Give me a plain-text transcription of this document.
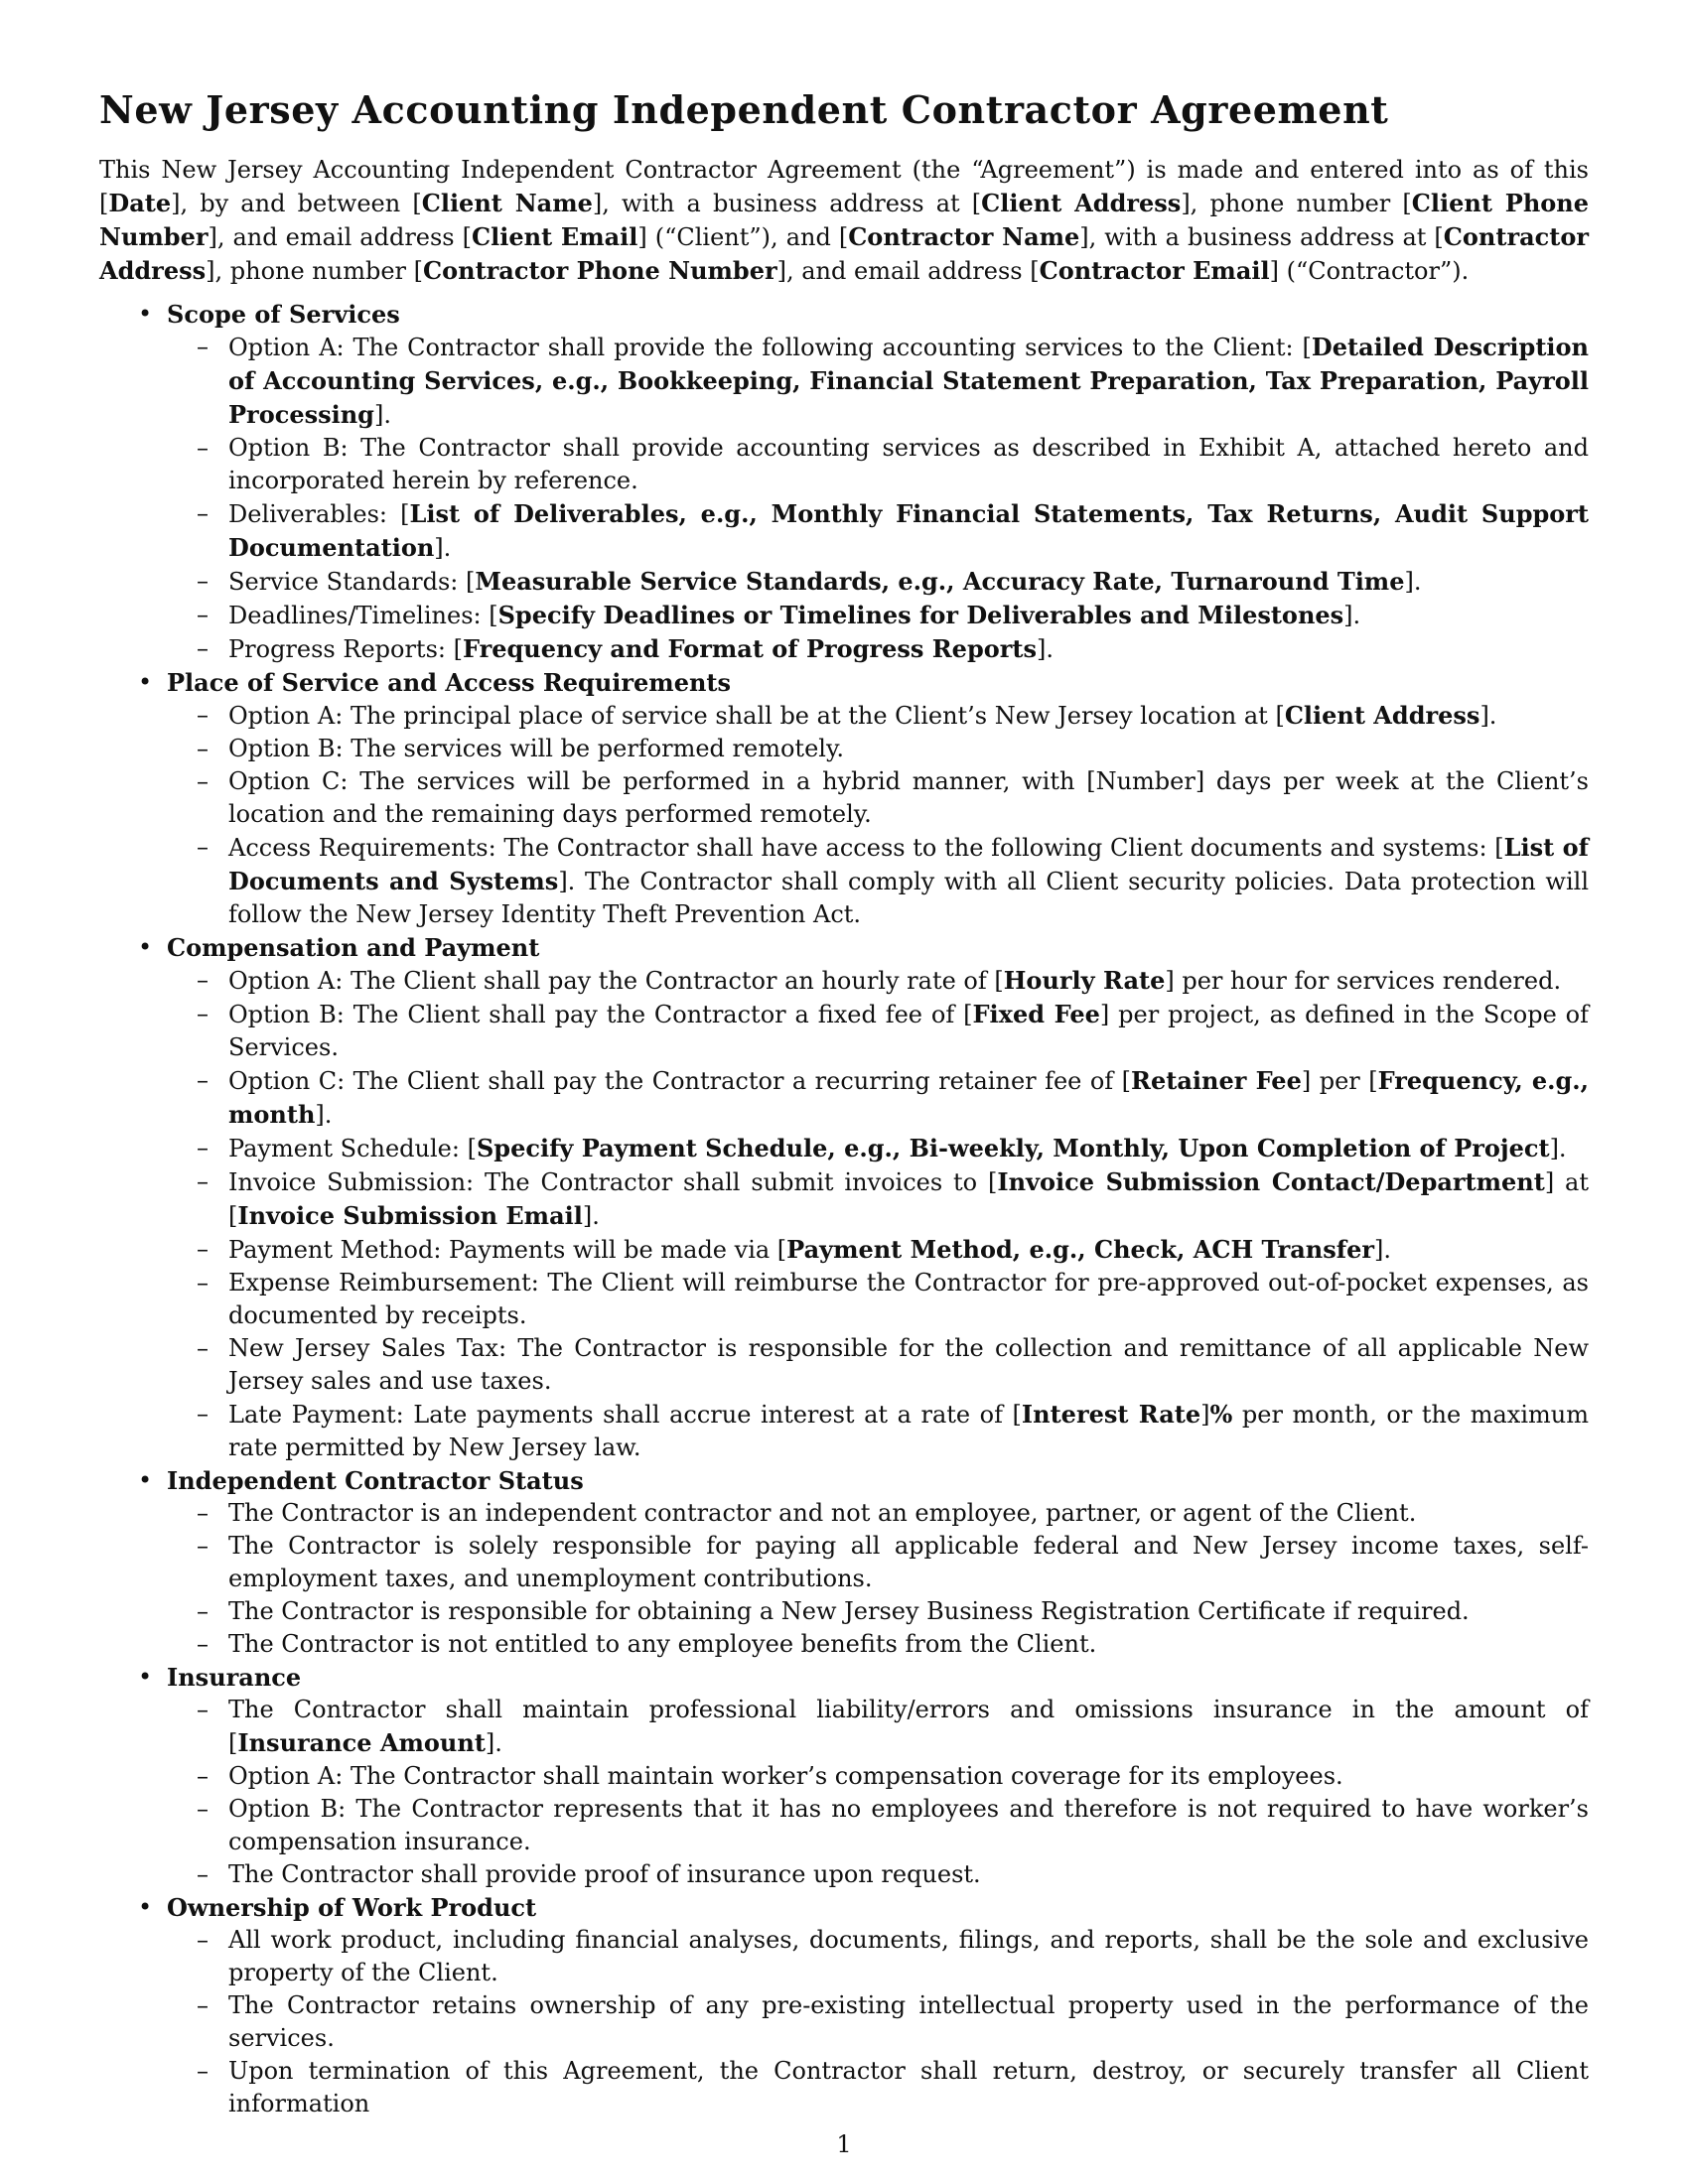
New Jersey Accounting Independent Contractor Agreement

This New Jersey Accounting Independent Contractor Agreement (the “Agreement”) is made and entered into as of this [Date], by and between [Client Name], with a business address at [Client Address], phone number [Client Phone Number], and email address [Client Email] (“Client”), and [Contractor Name], with a business address at [Contractor Address], phone number [Contractor Phone Number], and email address [Contractor Email] (“Contractor”).

• Scope of Services
– Option A: The Contractor shall provide the following accounting services to the Client: [Detailed Description of Accounting Services, e.g., Bookkeeping, Financial Statement Preparation, Tax Preparation, Payroll Processing].
– Option B: The Contractor shall provide accounting services as described in Exhibit A, attached hereto and incorporated herein by reference.
– Deliverables: [List of Deliverables, e.g., Monthly Financial Statements, Tax Returns, Audit Support Documentation].
– Service Standards: [Measurable Service Standards, e.g., Accuracy Rate, Turnaround Time].
– Deadlines/Timelines: [Specify Deadlines or Timelines for Deliverables and Milestones].
– Progress Reports: [Frequency and Format of Progress Reports].
• Place of Service and Access Requirements
– Option A: The principal place of service shall be at the Client’s New Jersey location at [Client Address].
– Option B: The services will be performed remotely.
– Option C: The services will be performed in a hybrid manner, with [Number] days per week at the Client’s location and the remaining days performed remotely.
– Access Requirements: The Contractor shall have access to the following Client documents and systems: [List of Documents and Systems]. The Contractor shall comply with all Client security policies. Data protection will follow the New Jersey Identity Theft Prevention Act.
• Compensation and Payment
– Option A: The Client shall pay the Contractor an hourly rate of [Hourly Rate] per hour for services rendered.
– Option B: The Client shall pay the Contractor a fixed fee of [Fixed Fee] per project, as defined in the Scope of Services.
– Option C: The Client shall pay the Contractor a recurring retainer fee of [Retainer Fee] per [Frequency, e.g., month].
– Payment Schedule: [Specify Payment Schedule, e.g., Bi-weekly, Monthly, Upon Completion of Project].
– Invoice Submission: The Contractor shall submit invoices to [Invoice Submission Contact/Department] at [Invoice Submission Email].
– Payment Method: Payments will be made via [Payment Method, e.g., Check, ACH Transfer].
– Expense Reimbursement: The Client will reimburse the Contractor for pre-approved out-of-pocket expenses, as documented by receipts.
– New Jersey Sales Tax: The Contractor is responsible for the collection and remittance of all applicable New Jersey sales and use taxes.
– Late Payment: Late payments shall accrue interest at a rate of [Interest Rate]% per month, or the maximum rate permitted by New Jersey law.
• Independent Contractor Status
– The Contractor is an independent contractor and not an employee, partner, or agent of the Client.
– The Contractor is solely responsible for paying all applicable federal and New Jersey income taxes, self-employment taxes, and unemployment contributions.
– The Contractor is responsible for obtaining a New Jersey Business Registration Certificate if required.
– The Contractor is not entitled to any employee benefits from the Client.
• Insurance
– The Contractor shall maintain professional liability/errors and omissions insurance in the amount of [Insurance Amount].
– Option A: The Contractor shall maintain worker’s compensation coverage for its employees.
– Option B: The Contractor represents that it has no employees and therefore is not required to have worker’s compensation insurance.
– The Contractor shall provide proof of insurance upon request.
• Ownership of Work Product
– All work product, including financial analyses, documents, filings, and reports, shall be the sole and exclusive property of the Client.
– The Contractor retains ownership of any pre-existing intellectual property used in the performance of the services.
– Upon termination of this Agreement, the Contractor shall return, destroy, or securely transfer all Client information
1
